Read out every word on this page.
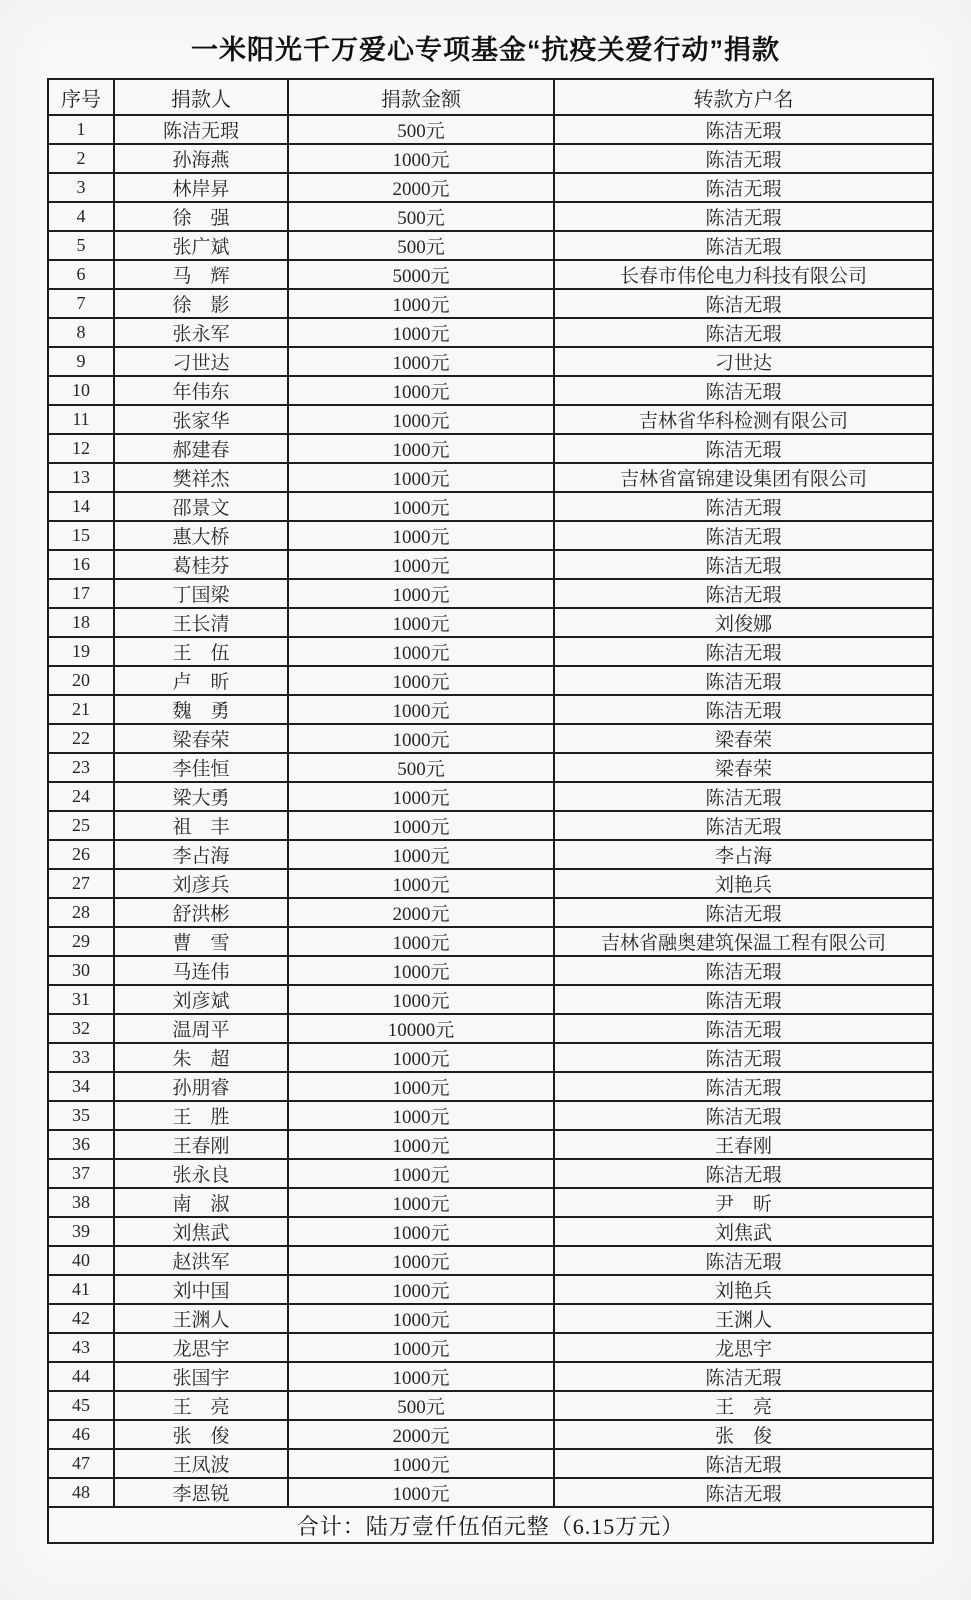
一米阳光千万爱心专项基金“抗疫关爱行动”捐款
序号	捐款人	捐款金额	转款方户名
1	陈洁无瑕	500元	陈洁无瑕
2	孙海燕	1000元	陈洁无瑕
3	林岸昇	2000元	陈洁无瑕
4	徐　强	500元	陈洁无瑕
5	张广斌	500元	陈洁无瑕
6	马　辉	5000元	长春市伟伦电力科技有限公司
7	徐　影	1000元	陈洁无瑕
8	张永军	1000元	陈洁无瑕
9	刁世达	1000元	刁世达
10	年伟东	1000元	陈洁无瑕
11	张家华	1000元	吉林省华科检测有限公司
12	郝建春	1000元	陈洁无瑕
13	樊祥杰	1000元	吉林省富锦建设集团有限公司
14	邵景文	1000元	陈洁无瑕
15	惠大桥	1000元	陈洁无瑕
16	葛桂芬	1000元	陈洁无瑕
17	丁国梁	1000元	陈洁无瑕
18	王长清	1000元	刘俊娜
19	王　伍	1000元	陈洁无瑕
20	卢　昕	1000元	陈洁无瑕
21	魏　勇	1000元	陈洁无瑕
22	梁春荣	1000元	梁春荣
23	李佳恒	500元	梁春荣
24	梁大勇	1000元	陈洁无瑕
25	祖　丰	1000元	陈洁无瑕
26	李占海	1000元	李占海
27	刘彦兵	1000元	刘艳兵
28	舒洪彬	2000元	陈洁无瑕
29	曹　雪	1000元	吉林省融奥建筑保温工程有限公司
30	马连伟	1000元	陈洁无瑕
31	刘彦斌	1000元	陈洁无瑕
32	温周平	10000元	陈洁无瑕
33	朱　超	1000元	陈洁无瑕
34	孙朋睿	1000元	陈洁无瑕
35	王　胜	1000元	陈洁无瑕
36	王春刚	1000元	王春刚
37	张永良	1000元	陈洁无瑕
38	南　淑	1000元	尹　昕
39	刘焦武	1000元	刘焦武
40	赵洪军	1000元	陈洁无瑕
41	刘中国	1000元	刘艳兵
42	王渊人	1000元	王渊人
43	龙思宇	1000元	龙思宇
44	张国宇	1000元	陈洁无瑕
45	王　亮	500元	王　亮
46	张　俊	2000元	张　俊
47	王凤波	1000元	陈洁无瑕
48	李恩锐	1000元	陈洁无瑕
合计：陆万壹仟伍佰元整（6.15万元）			
